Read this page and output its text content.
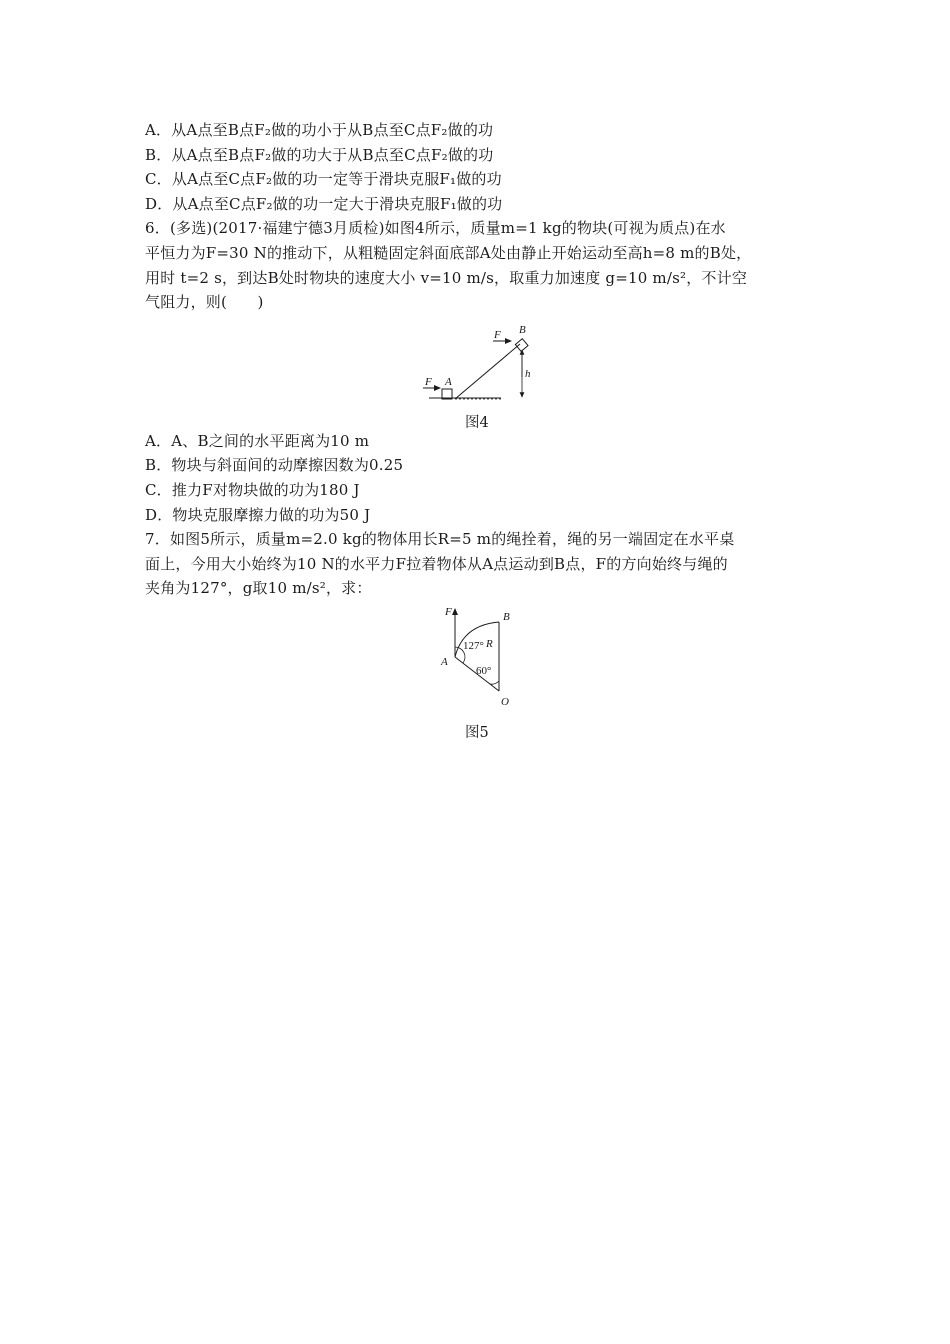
A．从A点至B点F₂做的功小于从B点至C点F₂做的功
B．从A点至B点F₂做的功大于从B点至C点F₂做的功
C．从A点至C点F₂做的功一定等于滑块克服F₁做的功
D．从A点至C点F₂做的功一定大于滑块克服F₁做的功
6．(多选)(2017·福建宁德3月质检)如图4所示，质量m=1 kg的物块(可视为质点)在水
平恒力为F=30 N的推动下，从粗糙固定斜面底部A处由静止开始运动至高h=8 m的B处，
用时 t=2 s，到达B处时物块的速度大小 v=10 m/s，取重力加速度 g=10 m/s²，不计空
气阻力，则(　　)
F B
h
F A
图4
A．A、B之间的水平距离为10 m
B．物块与斜面间的动摩擦因数为0.25
C．推力F对物块做的功为180 J
D．物块克服摩擦力做的功为50 J
7．如图5所示，质量m=2.0 kg的物体用长R=5 m的绳拴着，绳的另一端固定在水平桌
面上，今用大小始终为10 N的水平力F拉着物体从A点运动到B点，F的方向始终与绳的
夹角为127°，g取10 m/s²，求：
F	B
127° R
A
60°
O
图5
